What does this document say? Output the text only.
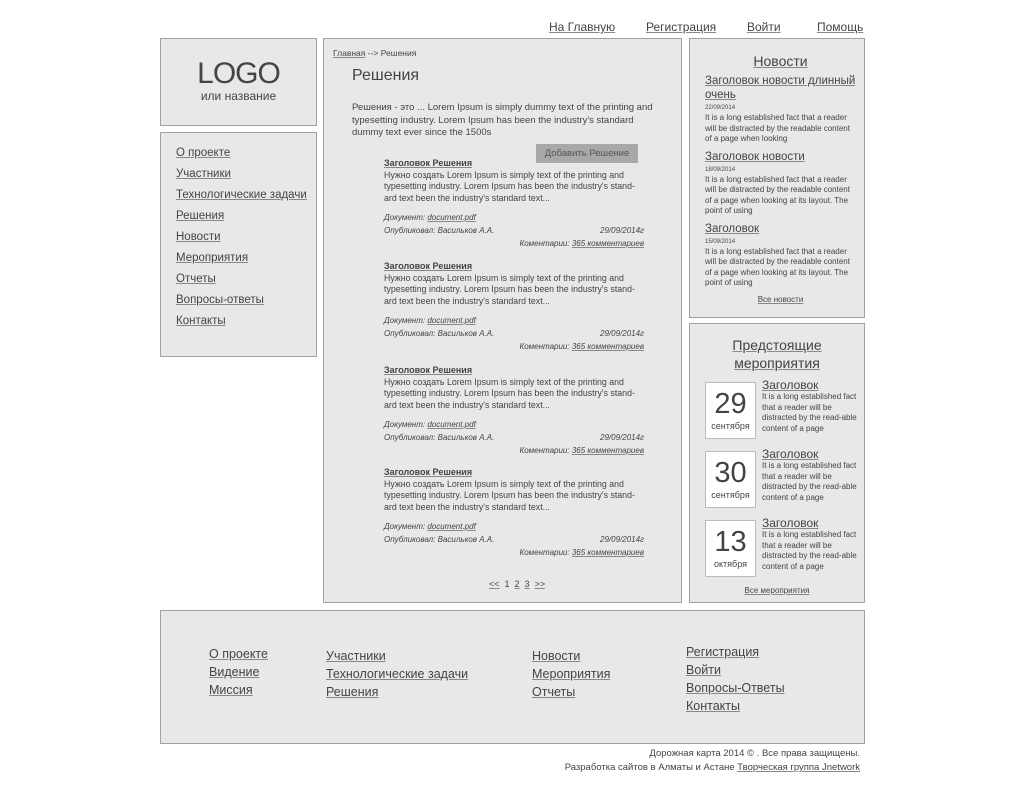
На Главную	Регистрация	Войти	Помощь
LOGO
или название
О проекте
Участники
Технологические задачи
Решения
Новости
Мероприятия
Отчеты
Вопросы-ответы
Контакты
Главная --> Решения
Решения
Решения - это ... Lorem Ipsum is simply dummy text of the printing and typesetting industry. Lorem Ipsum has been the industry's standard dummy text ever since the 1500s
Добавить Решение
Заголовок Решения
Нужно создать Lorem Ipsum is simply text of the printing and typesetting industry. Lorem Ipsum has been the industry's stand-ard text been the industry's standard text...
Документ: document.pdf
Опубликовал: Васильков А.А.	29/09/2014г
Коментарии: 365 комментариев
Заголовок Решения
Нужно создать Lorem Ipsum is simply text of the printing and typesetting industry. Lorem Ipsum has been the industry's stand-ard text been the industry's standard text...
Документ: document.pdf
Опубликовал: Васильков А.А.	29/09/2014г
Коментарии: 365 комментариев
Заголовок Решения
Нужно создать Lorem Ipsum is simply text of the printing and typesetting industry. Lorem Ipsum has been the industry's stand-ard text been the industry's standard text...
Документ: document.pdf
Опубликовал: Васильков А.А.	29/09/2014г
Коментарии: 365 комментариев
Заголовок Решения
Нужно создать Lorem Ipsum is simply text of the printing and typesetting industry. Lorem Ipsum has been the industry's stand-ard text been the industry's standard text...
Документ: document.pdf
Опубликовал: Васильков А.А.	29/09/2014г
Коментарии: 365 комментариев
<< 1 2 3 >>
Новости
Заголовок новости длинный очень
22/09/2014
It is a long established fact that a reader will be distracted by the readable content of a page when looking
Заголовок новости
18/09/2014
It is a long established fact that a reader will be distracted by the readable content of a page when looking at its layout. The point of using
Заголовок
15/09/2014
It is a long established fact that a reader will be distracted by the readable content of a page when looking at its layout. The point of using
Все новости
Предстоящие мероприятия
29
сентября
Заголовок
It is a long established fact that a reader will be distracted by the read-able content of a page
30
сентября
Заголовок
It is a long established fact that a reader will be distracted by the read-able content of a page
13
октября
Заголовок
It is a long established fact that a reader will be distracted by the read-able content of a page
Все мероприятия
О проекте
Видение
Миссия
Участники
Технологические задачи
Решения
Новости
Мероприятия
Отчеты
Регистрация
Войти
Вопросы-Ответы
Контакты
Дорожная карта 2014 © . Все права защищены.
Разработка сайтов в Алматы и Астане Творческая группа Jnetwork
